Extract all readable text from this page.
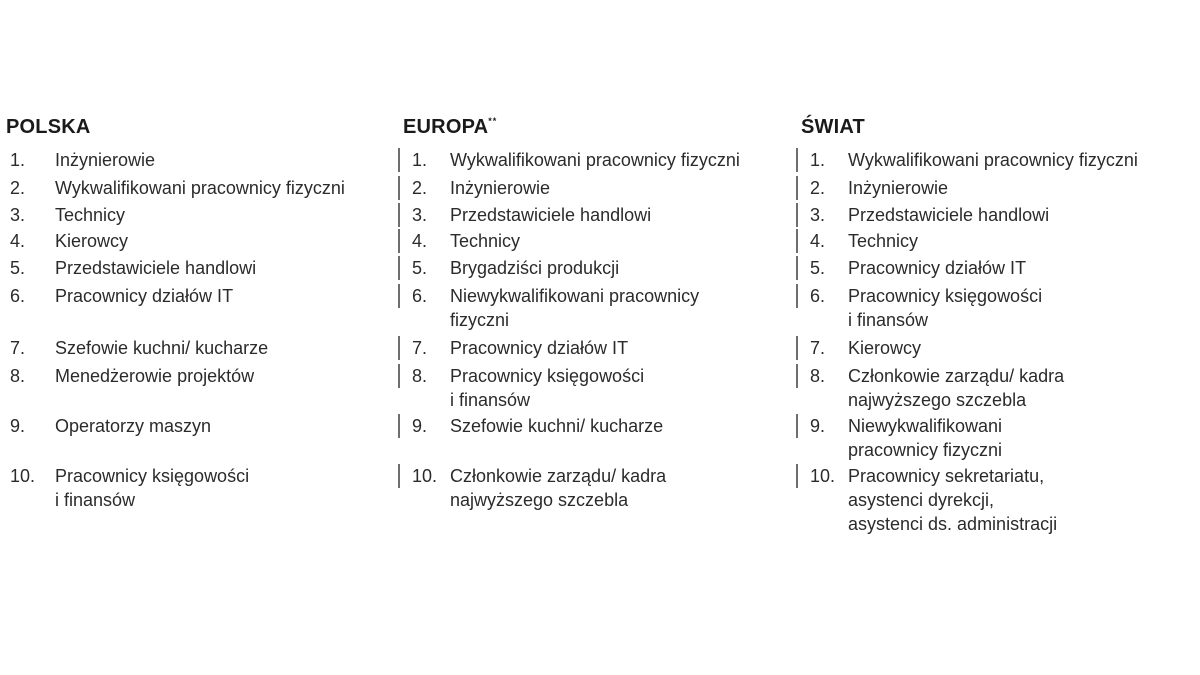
POLSKA
1.	Inżynierowie
2.	Wykwalifikowani pracownicy fizyczni
3.	Technicy
4.	Kierowcy
5.	Przedstawiciele handlowi
6.	Pracownicy działów IT
7.	Szefowie kuchni/ kucharze
8.	Menedżerowie projektów
9.	Operatorzy maszyn
10.	Pracownicy księgowości
i finansów
EUROPA**
1.	Wykwalifikowani pracownicy fizyczni
2.	Inżynierowie
3.	Przedstawiciele handlowi
4.	Technicy
5.	Brygadziści produkcji
6.	Niewykwalifikowani pracownicy
fizyczni
7.	Pracownicy działów IT
8.	Pracownicy księgowości
i finansów
9.	Szefowie kuchni/ kucharze
10. Członkowie zarządu/ kadra
najwyższego szczebla
ŚWIAT
1.	Wykwalifikowani pracownicy fizyczni
2.	Inżynierowie
3.	Przedstawiciele handlowi
4.	Technicy
5.	Pracownicy działów IT
6.	Pracownicy księgowości
i finansów
7.	Kierowcy
8.	Członkowie zarządu/ kadra
najwyższego szczebla
9.	Niewykwalifikowani
pracownicy fizyczni
10. Pracownicy sekretariatu,
asystenci dyrekcji,
asystenci ds. administracji
